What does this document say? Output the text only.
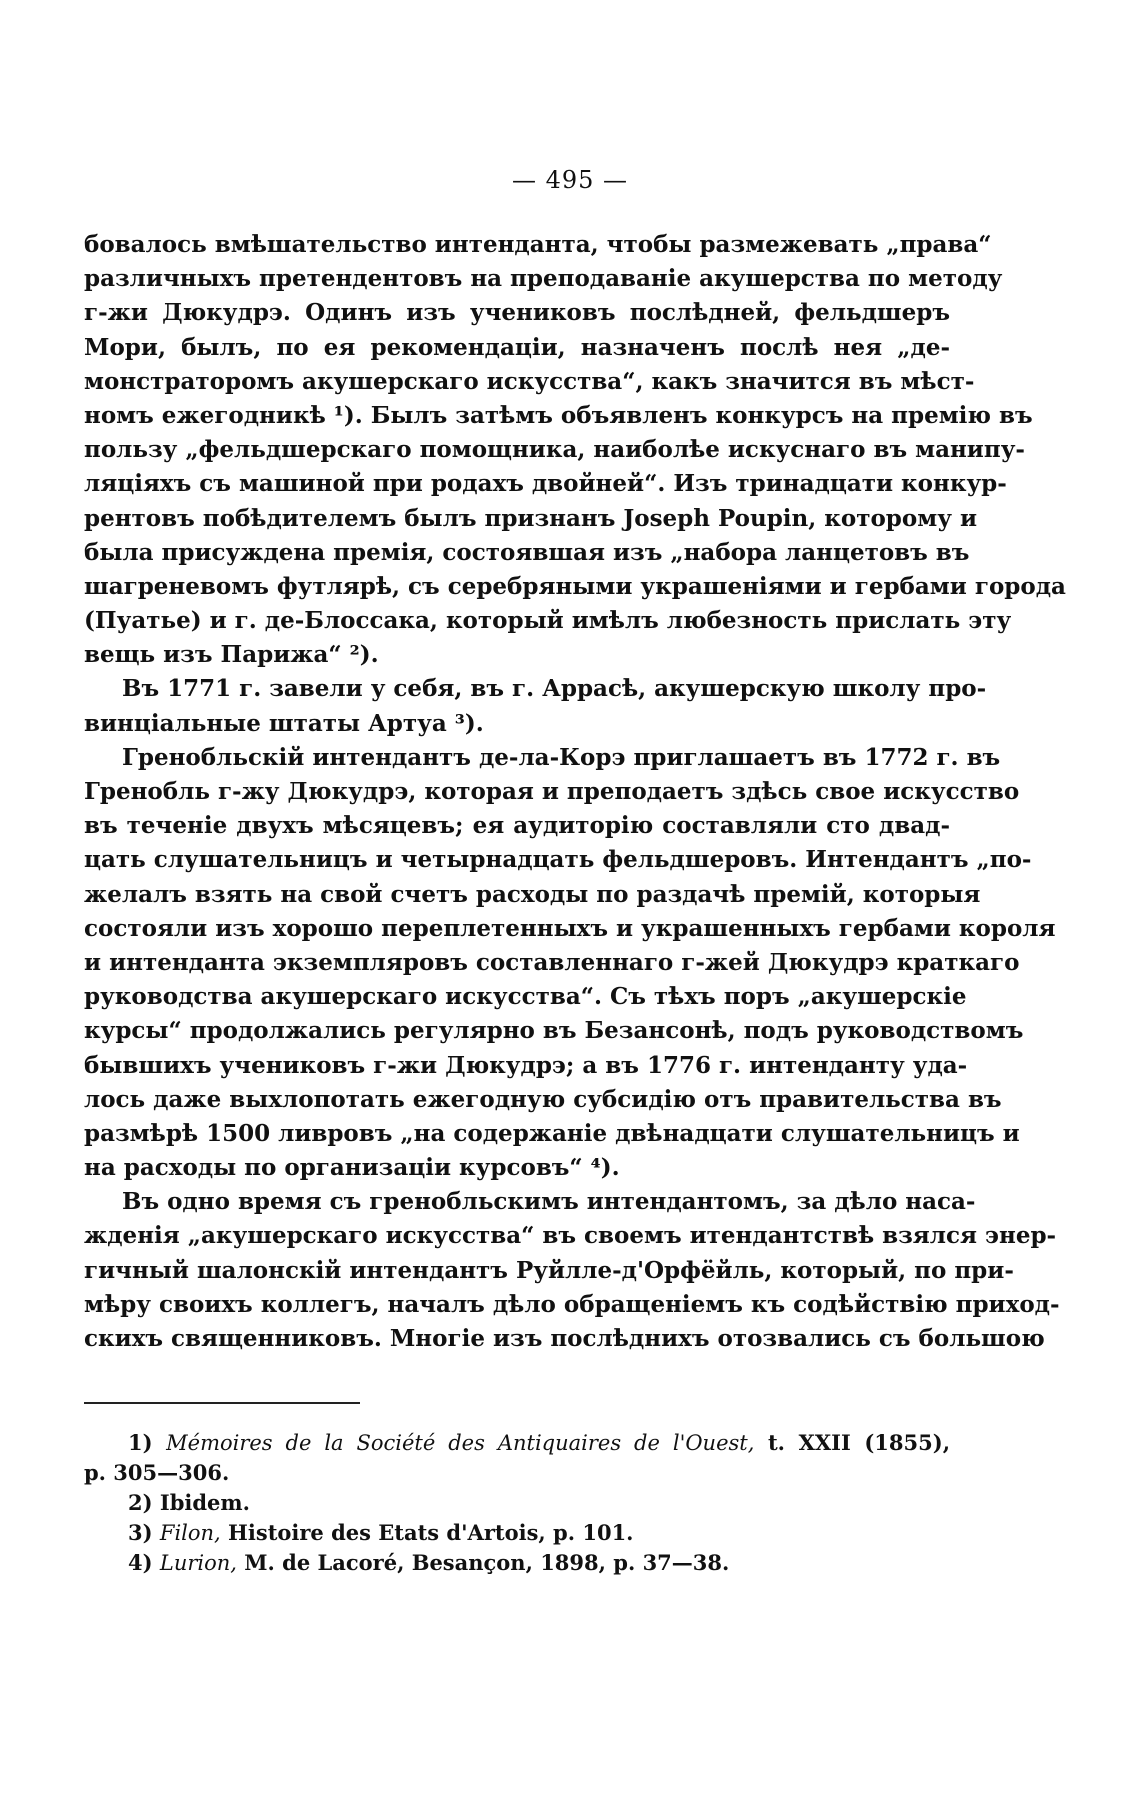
— 495 —
бовалось вмѣшательство интенданта, чтобы размежевать „права“
различныхъ претендентовъ на преподаваніе акушерства по методу
г-жи Дюкудрэ. Одинъ изъ учениковъ послѣдней, фельдшеръ
Мори, былъ, по ея рекомендаціи, назначенъ послѣ нея „де-
монстраторомъ акушерскаго искусства“, какъ значится въ мѣст-
номъ ежегодникѣ ¹). Былъ затѣмъ объявленъ конкурсъ на премію въ
пользу „фельдшерскаго помощника, наиболѣе искуснаго въ манипу-
ляціяхъ съ машиной при родахъ двойней“. Изъ тринадцати конкур-
рентовъ побѣдителемъ былъ признанъ Joseph Poupin, которому и
была присуждена премія, состоявшая изъ „набора ланцетовъ въ
шагреневомъ футлярѣ, съ серебряными украшеніями и гербами города
(Пуатье) и г. де-Блоссака, который имѣлъ любезность прислать эту
вещь изъ Парижа“ ²).
Въ 1771 г. завели у себя, въ г. Аррасѣ, акушерскую школу про-
винціальные штаты Артуа ³).
Гренобльскій интендантъ де-ла-Корэ приглашаетъ въ 1772 г. въ
Гренобль г-жу Дюкудрэ, которая и преподаетъ здѣсь свое искусство
въ теченіе двухъ мѣсяцевъ; ея аудиторію составляли сто двад-
цать слушательницъ и четырнадцать фельдшеровъ. Интендантъ „по-
желалъ взять на свой счетъ расходы по раздачѣ премій, которыя
состояли изъ хорошо переплетенныхъ и украшенныхъ гербами короля
и интенданта экземпляровъ составленнаго г-жей Дюкудрэ краткаго
руководства акушерскаго искусства“. Съ тѣхъ поръ „акушерскіе
курсы“ продолжались регулярно въ Безансонѣ, подъ руководствомъ
бывшихъ учениковъ г-жи Дюкудрэ; а въ 1776 г. интенданту уда-
лось даже выхлопотать ежегодную субсидію отъ правительства въ
размѣрѣ 1500 ливровъ „на содержаніе двѣнадцати слушательницъ и
на расходы по организаціи курсовъ“ ⁴).
Въ одно время съ гренобльскимъ интендантомъ, за дѣло наса-
жденія „акушерскаго искусства“ въ своемъ итендантствѣ взялся энер-
гичный шалонскій интендантъ Руйлле-д'Орфёйль, который, по при-
мѣру своихъ коллегъ, началъ дѣло обращеніемъ къ содѣйствію приход-
скихъ священниковъ. Многіе изъ послѣднихъ отозвались съ большою
1) Mémoires de la Société des Antiquaires de l'Ouest, t. XXII (1855),
p. 305—306.
2) Ibidem.
3) Filon, Histoire des Etats d'Artois, p. 101.
4) Lurion, M. de Lacoré, Besançon, 1898, p. 37—38.
